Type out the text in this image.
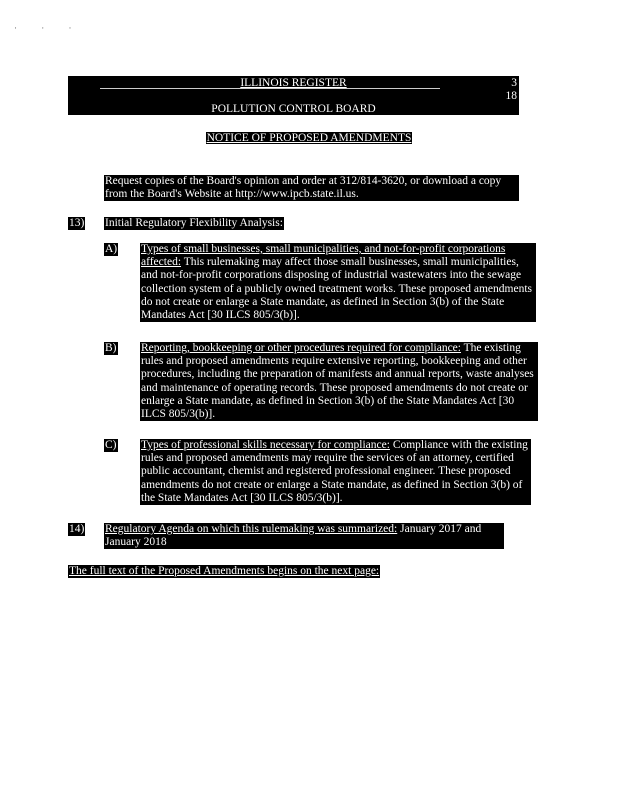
· · ·
ILLINOIS REGISTER	3
18
POLLUTION CONTROL BOARD
NOTICE OF PROPOSED AMENDMENTS
Request copies of the Board's opinion and order at 312/814-3620, or download a copy from the Board's Website at http://www.ipcb.state.il.us.
13) Initial Regulatory Flexibility Analysis:
A) Types of small businesses, small municipalities, and not-for-profit corporations affected: This rulemaking may affect those small businesses, small municipalities, and not-for-profit corporations disposing of industrial wastewaters into the sewage collection system of a publicly owned treatment works. These proposed amendments do not create or enlarge a State mandate, as defined in Section 3(b) of the State Mandates Act [30 ILCS 805/3(b)].
B) Reporting, bookkeeping or other procedures required for compliance: The existing rules and proposed amendments require extensive reporting, bookkeeping and other procedures, including the preparation of manifests and annual reports, waste analyses and maintenance of operating records. These proposed amendments do not create or enlarge a State mandate, as defined in Section 3(b) of the State Mandates Act [30 ILCS 805/3(b)].
C) Types of professional skills necessary for compliance: Compliance with the existing rules and proposed amendments may require the services of an attorney, certified public accountant, chemist and registered professional engineer. These proposed amendments do not create or enlarge a State mandate, as defined in Section 3(b) of the State Mandates Act [30 ILCS 805/3(b)].
14) Regulatory Agenda on which this rulemaking was summarized: January 2017 and January 2018
The full text of the Proposed Amendments begins on the next page:
